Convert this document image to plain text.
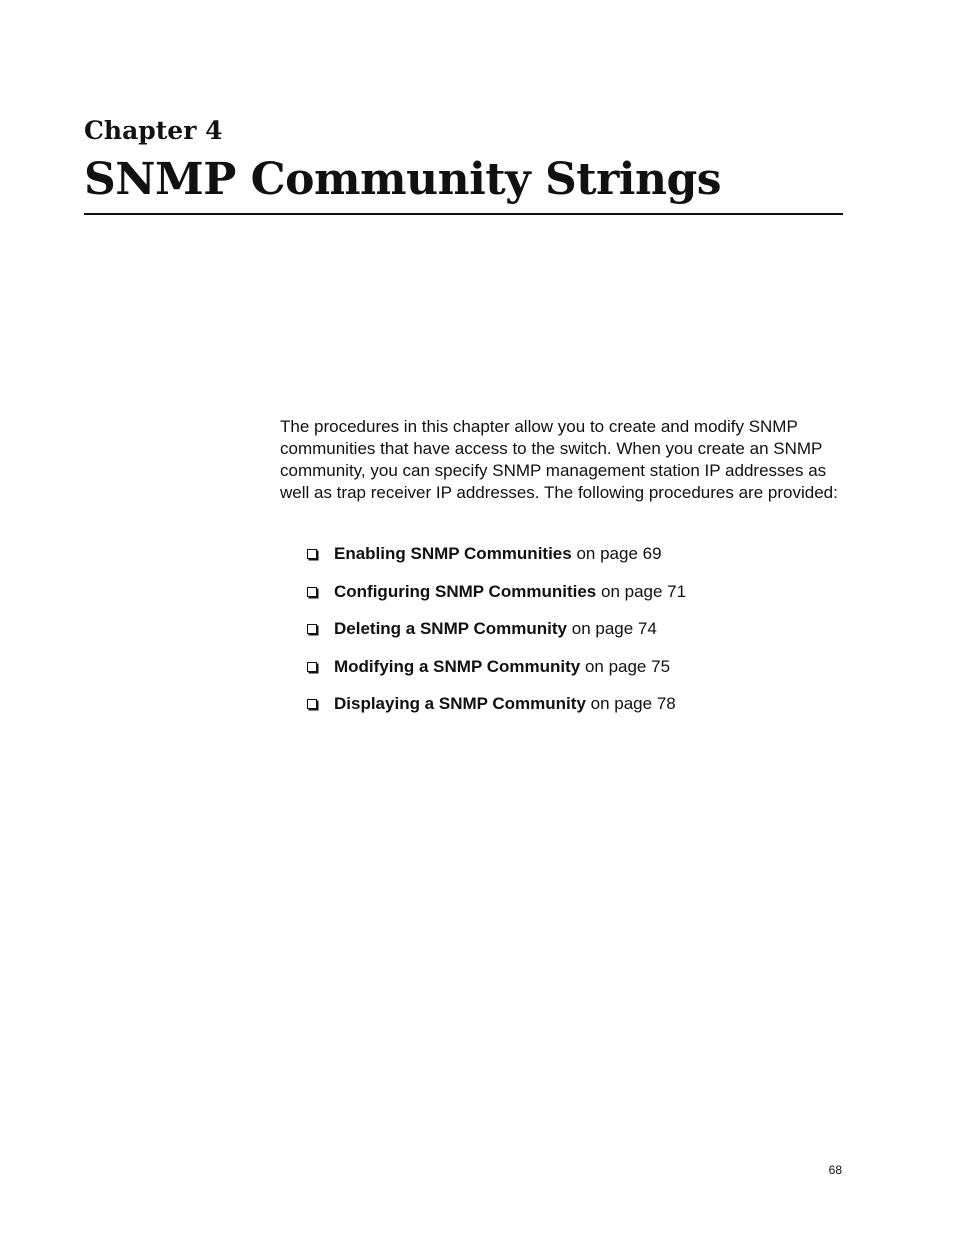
Chapter 4
SNMP Community Strings

The procedures in this chapter allow you to create and modify SNMP communities that have access to the switch. When you create an SNMP community, you can specify SNMP management station IP addresses as well as trap receiver IP addresses. The following procedures are provided:

Enabling SNMP Communities on page 69
Configuring SNMP Communities on page 71
Deleting a SNMP Community on page 74
Modifying a SNMP Community on page 75
Displaying a SNMP Community on page 78
68
